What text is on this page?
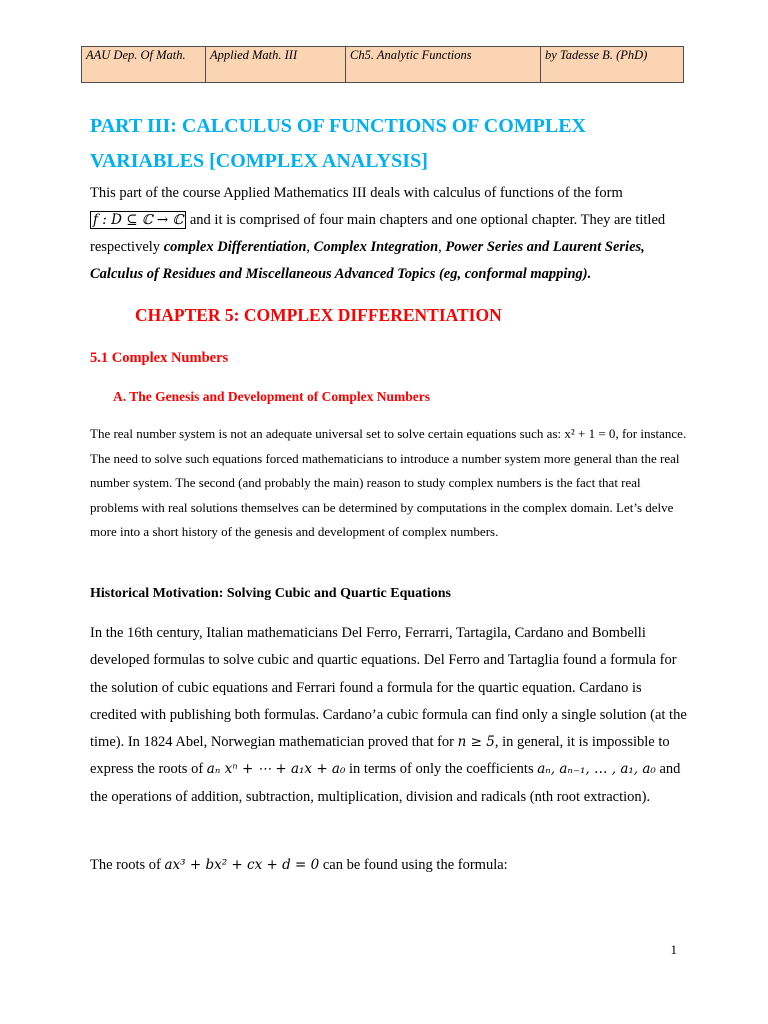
AAU Dep. Of Math.	Applied Math. III	Ch5. Analytic Functions	by Tadesse B. (PhD)
PART III: CALCULUS OF FUNCTIONS OF COMPLEX
VARIABLES [COMPLEX ANALYSIS]
This part of the course Applied Mathematics III deals with calculus of functions of the form
f : D ⊆ ℂ → ℂ and it is comprised of four main chapters and one optional chapter. They are titled respectively complex Differentiation, Complex Integration, Power Series and Laurent Series, Calculus of Residues and Miscellaneous Advanced Topics (eg, conformal mapping).
CHAPTER 5: COMPLEX DIFFERENTIATION
5.1 Complex Numbers
A. The Genesis and Development of Complex Numbers

The real number system is not an adequate universal set to solve certain equations such as: x² + 1 = 0, for instance. The need to solve such equations forced mathematicians to introduce a number system more general than the real number system. The second (and probably the main) reason to study complex numbers is the fact that real problems with real solutions themselves can be determined by computations in the complex domain. Let’s delve more into a short history of the genesis and development of complex numbers.

Historical Motivation: Solving Cubic and Quartic Equations

In the 16th century, Italian mathematicians Del Ferro, Ferrarri, Tartagila, Cardano and Bombelli developed formulas to solve cubic and quartic equations. Del Ferro and Tartaglia found a formula for the solution of cubic equations and Ferrari found a formula for the quartic equation. Cardano is credited with publishing both formulas. Cardano’a cubic formula can find only a single solution (at the time). In 1824 Abel, Norwegian mathematician proved that for n ≥ 5, in general, it is impossible to express the roots of aₙ xⁿ + ⋯ + a₁x + a₀ in terms of only the coefficients aₙ, aₙ₋₁, … , a₁, a₀ and the operations of addition, subtraction, multiplication, division and radicals (nth root extraction).

The roots of ax³ + bx² + cx + d = 0 can be found using the formula:

1
